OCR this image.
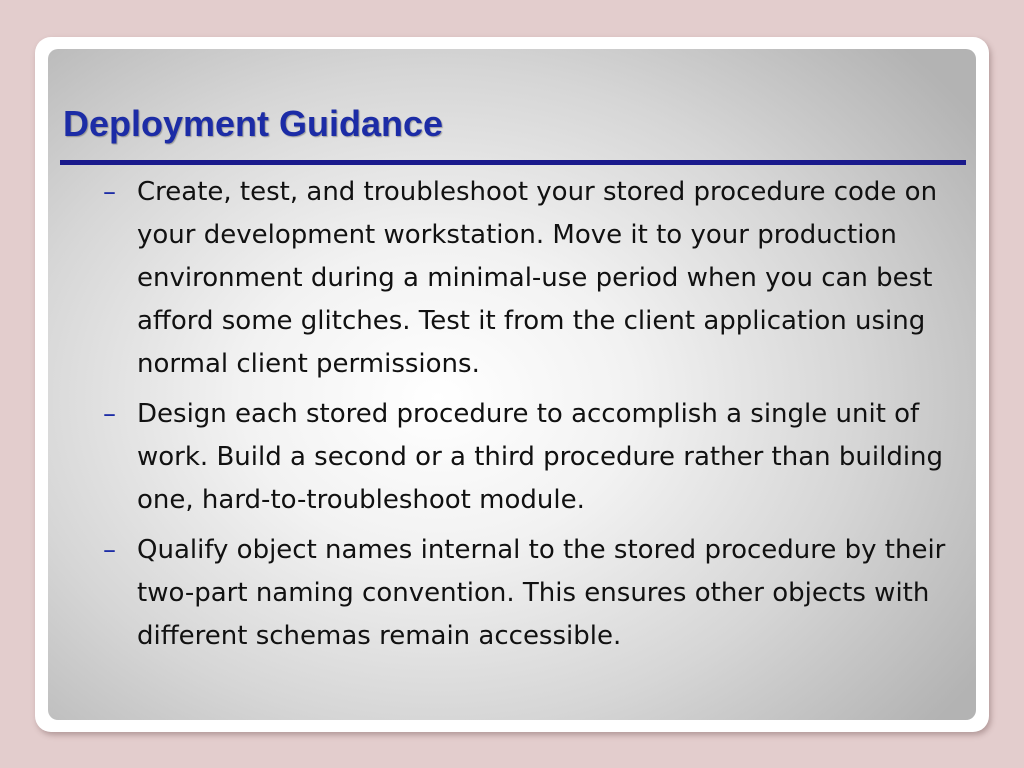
Deployment Guidance
– Create, test, and troubleshoot your stored procedure code on your development workstation. Move it to your production environment during a minimal-use period when you can best afford some glitches. Test it from the client application using normal client permissions.
– Design each stored procedure to accomplish a single unit of work. Build a second or a third procedure rather than building one, hard-to-troubleshoot module.
– Qualify object names internal to the stored procedure by their two-part naming convention. This ensures other objects with different schemas remain accessible.
